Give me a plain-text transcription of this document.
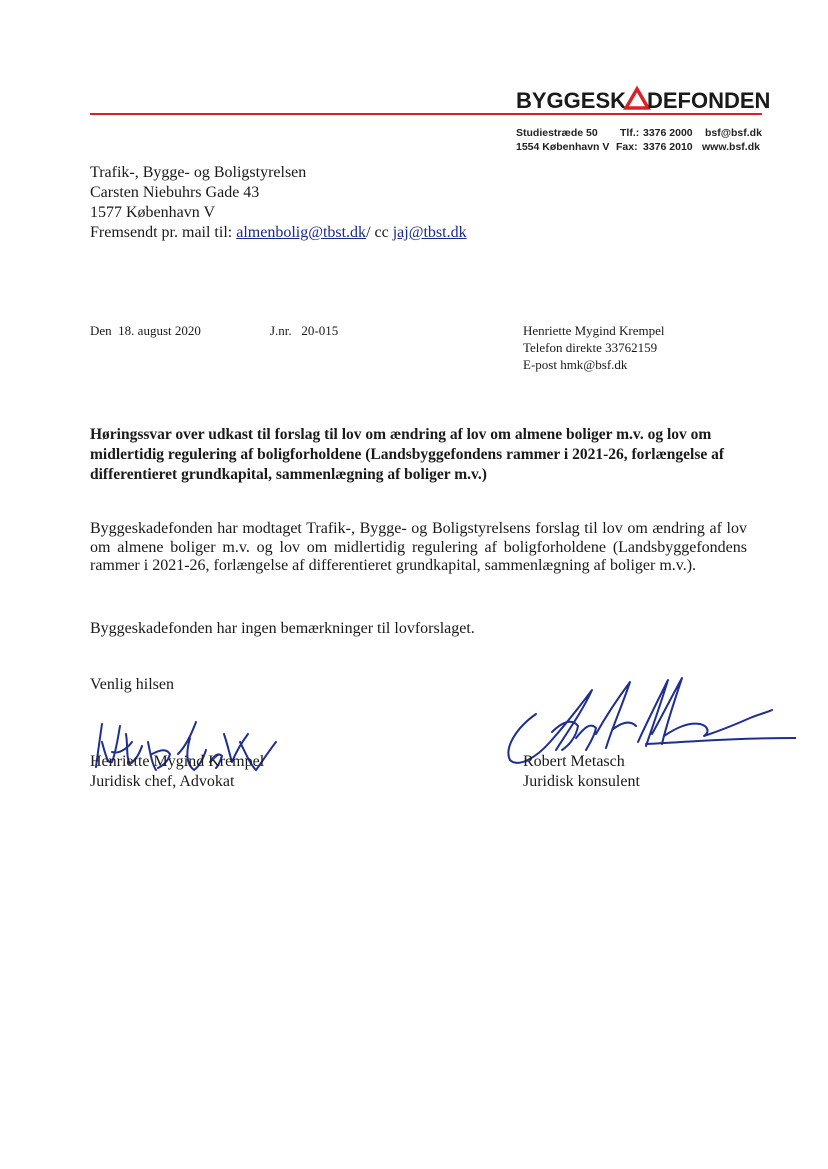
BYGGESK DEFONDEN
Studiestræde 50 Tlf.: 3376 2000 bsf@bsf.dk
1554 København V Fax: 3376 2010 www.bsf.dk
Trafik-, Bygge- og Boligstyrelsen
Carsten Niebuhrs Gade 43
1577 København V
Fremsendt pr. mail til: almenbolig@tbst.dk/ cc jaj@tbst.dk
Den 18. august 2020	J.nr. 20-015	Henriette Mygind Krempel
Telefon direkte 33762159
E-post hmk@bsf.dk
Høringssvar over udkast til forslag til lov om ændring af lov om almene boliger m.v. og lov om midlertidig regulering af boligforholdene (Landsbyggefondens rammer i 2021-26, forlængelse af differentieret grundkapital, sammenlægning af boliger m.v.)
Byggeskadefonden har modtaget Trafik-, Bygge- og Boligstyrelsens forslag til lov om ændring af lov om almene boliger m.v. og lov om midlertidig regulering af boligforholdene (Landsbyggefondens rammer i 2021-26, forlængelse af differentieret grundkapital, sammenlægning af boliger m.v.).
Byggeskadefonden har ingen bemærkninger til lovforslaget.
Venlig hilsen
Henriette Mygind Krempel
Juridisk chef, Advokat
Robert Metasch
Juridisk konsulent
